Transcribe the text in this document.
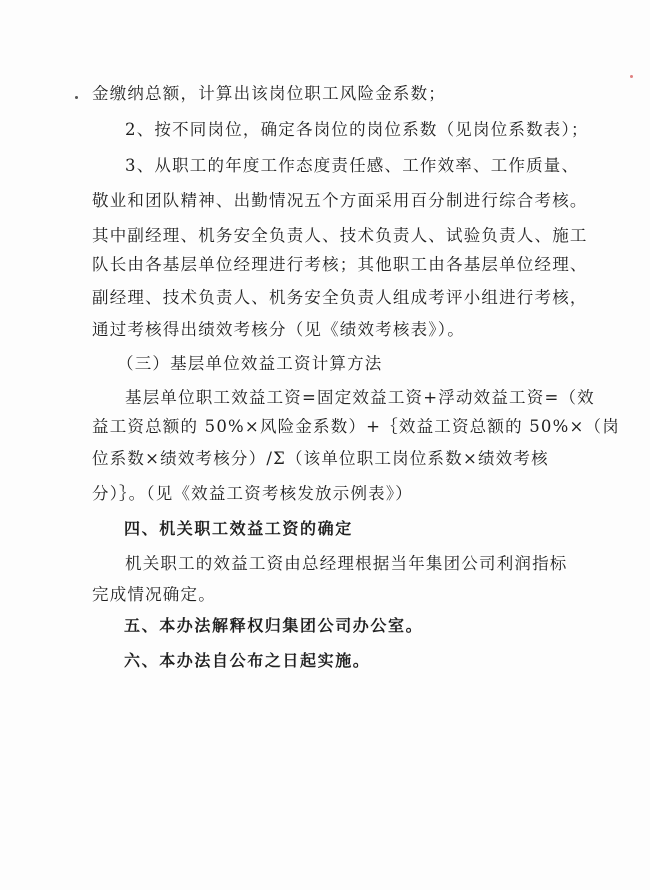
金缴纳总额，计算出该岗位职工风险金系数；
2、按不同岗位，确定各岗位的岗位系数（见岗位系数表）；
3、从职工的年度工作态度责任感、工作效率、工作质量、
敬业和团队精神、出勤情况五个方面采用百分制进行综合考核。
其中副经理、机务安全负责人、技术负责人、试验负责人、施工
队长由各基层单位经理进行考核；其他职工由各基层单位经理、
副经理、技术负责人、机务安全负责人组成考评小组进行考核，
通过考核得出绩效考核分（见《绩效考核表》）。
（三）基层单位效益工资计算方法
基层单位职工效益工资=固定效益工资+浮动效益工资=（效
益工资总额的 50%×风险金系数）+｛效益工资总额的 50%×（岗
位系数×绩效考核分）/Σ（该单位职工岗位系数×绩效考核
分）｝。（见《效益工资考核发放示例表》）
四、机关职工效益工资的确定
机关职工的效益工资由总经理根据当年集团公司利润指标
完成情况确定。
五、本办法解释权归集团公司办公室。
六、本办法自公布之日起实施。
